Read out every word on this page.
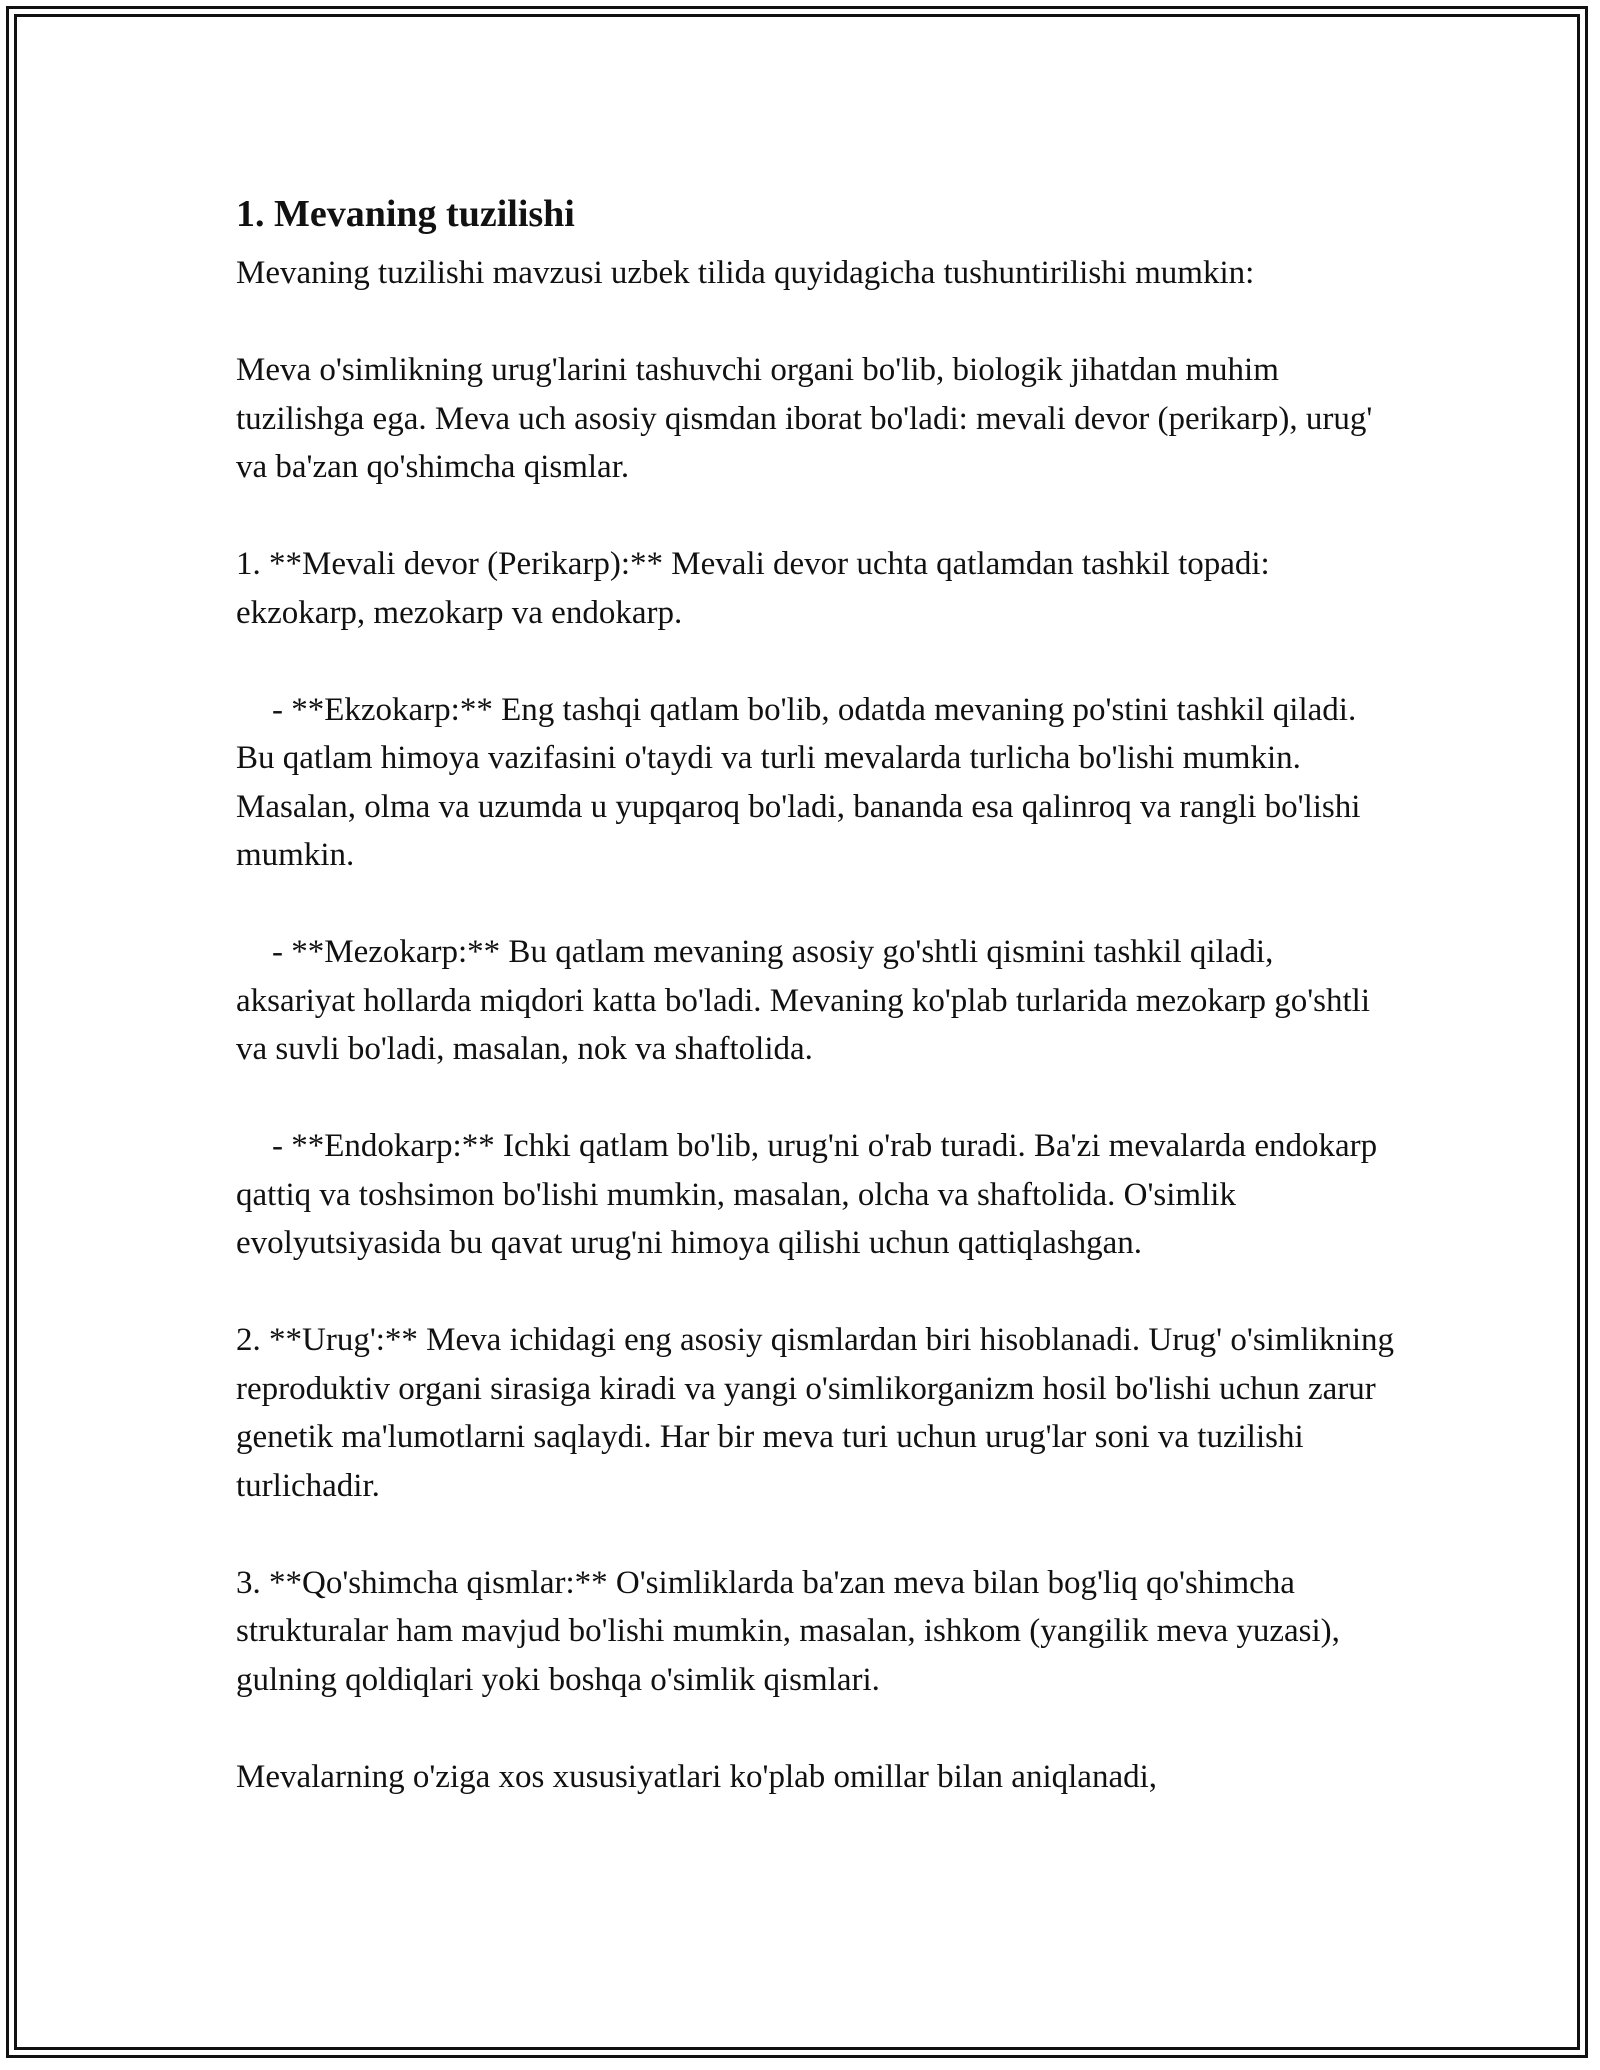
1. Mevaning tuzilishi

Mevaning tuzilishi mavzusi uzbek tilida quyidagicha tushuntirilishi mumkin:

Meva o'simlikning urug'larini tashuvchi organi bo'lib, biologik jihatdan muhim tuzilishga ega. Meva uch asosiy qismdan iborat bo'ladi: mevali devor (perikarp), urug' va ba'zan qo'shimcha qismlar.

1. **Mevali devor (Perikarp):** Mevali devor uchta qatlamdan tashkil topadi: ekzokarp, mezokarp va endokarp.

- **Ekzokarp:** Eng tashqi qatlam bo'lib, odatda mevaning po'stini tashkil qiladi. Bu qatlam himoya vazifasini o'taydi va turli mevalarda turlicha bo'lishi mumkin. Masalan, olma va uzumda u yupqaroq bo'ladi, bananda esa qalinroq va rangli bo'lishi mumkin.

- **Mezokarp:** Bu qatlam mevaning asosiy go'shtli qismini tashkil qiladi, aksariyat hollarda miqdori katta bo'ladi. Mevaning ko'plab turlarida mezokarp go'shtli va suvli bo'ladi, masalan, nok va shaftolida.

- **Endokarp:** Ichki qatlam bo'lib, urug'ni o'rab turadi. Ba'zi mevalarda endokarp qattiq va toshsimon bo'lishi mumkin, masalan, olcha va shaftolida. O'simlik evolyutsiyasida bu qavat urug'ni himoya qilishi uchun qattiqlashgan.

2. **Urug':** Meva ichidagi eng asosiy qismlardan biri hisoblanadi. Urug' o'simlikning reproduktiv organi sirasiga kiradi va yangi o'simlikorganizm hosil bo'lishi uchun zarur genetik ma'lumotlarni saqlaydi. Har bir meva turi uchun urug'lar soni va tuzilishi turlichadir.

3. **Qo'shimcha qismlar:** O'simliklarda ba'zan meva bilan bog'liq qo'shimcha strukturalar ham mavjud bo'lishi mumkin, masalan, ishkom (yangilik meva yuzasi), gulning qoldiqlari yoki boshqa o'simlik qismlari.

Mevalarning o'ziga xos xususiyatlari ko'plab omillar bilan aniqlanadi,
